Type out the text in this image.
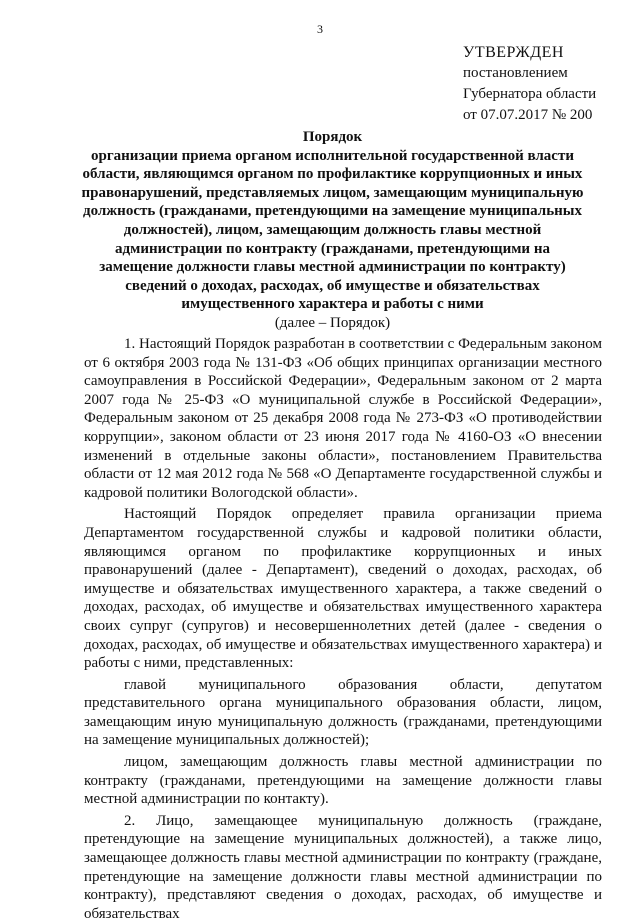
3
УТВЕРЖДЕН
постановлением
Губернатора области
от 07.07.2017 № 200
Порядок
организации приема органом исполнительной государственной власти области, являющимся органом по профилактике коррупционных и иных правонарушений, представляемых лицом, замещающим муниципальную должность (гражданами, претендующими на замещение муниципальных должностей), лицом, замещающим должность главы местной администрации по контракту (гражданами, претендующими на замещение должности главы местной администрации по контракту) сведений о доходах, расходах, об имуществе и обязательствах имущественного характера и работы с ними
(далее – Порядок)

1. Настоящий Порядок разработан в соответствии с Федеральным законом от 6 октября 2003 года № 131-ФЗ «Об общих принципах организации местного самоуправления в Российской Федерации», Федеральным законом от 2 марта 2007 года № 25-ФЗ «О муниципальной службе в Российской Федерации», Федеральным законом от 25 декабря 2008 года № 273-ФЗ «О противодействии коррупции», законом области от 23 июня 2017 года № 4160-ОЗ «О внесении изменений в отдельные законы области», постановлением Правительства области от 12 мая 2012 года № 568 «О Департаменте государственной службы и кадровой политики Вологодской области».

Настоящий Порядок определяет правила организации приема Департаментом государственной службы и кадровой политики области, являющимся органом по профилактике коррупционных и иных правонарушений (далее - Департамент), сведений о доходах, расходах, об имуществе и обязательствах имущественного характера, а также сведений о доходах, расходах, об имуществе и обязательствах имущественного характера своих супруг (супругов) и несовершеннолетних детей (далее - сведения о доходах, расходах, об имуществе и обязательствах имущественного характера) и работы с ними, представленных:

главой муниципального образования области, депутатом представительного органа муниципального образования области, лицом, замещающим иную муниципальную должность (гражданами, претендующими на замещение муниципальных должностей);

лицом, замещающим должность главы местной администрации по контракту (гражданами, претендующими на замещение должности главы местной администрации по контакту).

2. Лицо, замещающее муниципальную должность (граждане, претендующие на замещение муниципальных должностей), а также лицо, замещающее должность главы местной администрации по контракту (граждане, претендующие на замещение должности главы местной администрации по контракту), представляют сведения о доходах, расходах, об имуществе и обязательствах
